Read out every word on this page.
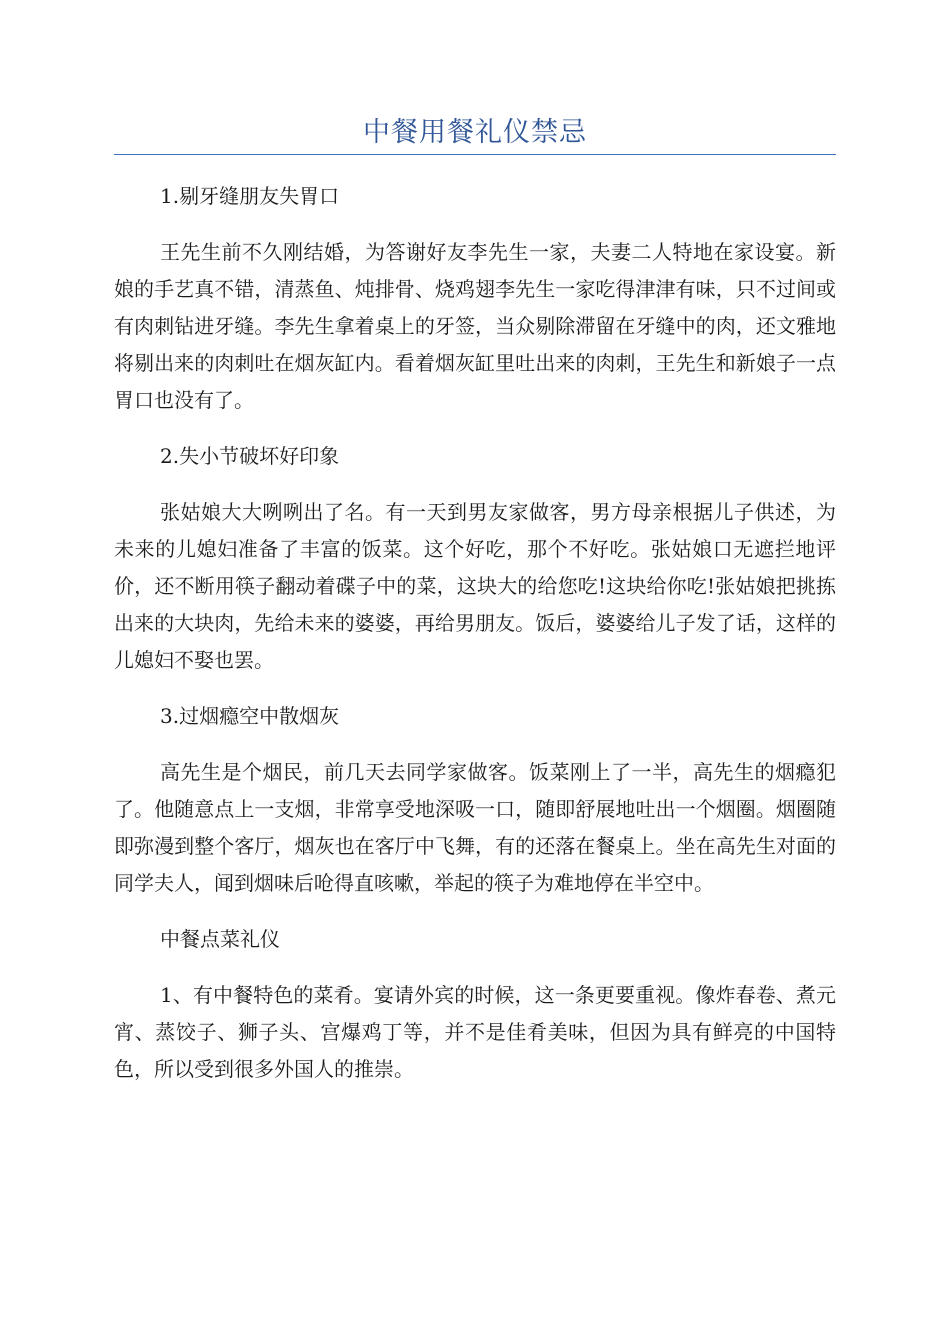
中餐用餐礼仪禁忌

1.剔牙缝朋友失胃口

王先生前不久刚结婚，为答谢好友李先生一家，夫妻二人特地在家设宴。新娘的手艺真不错，清蒸鱼、炖排骨、烧鸡翅李先生一家吃得津津有味，只不过间或有肉刺钻进牙缝。李先生拿着桌上的牙签，当众剔除滞留在牙缝中的肉，还文雅地将剔出来的肉刺吐在烟灰缸内。看着烟灰缸里吐出来的肉刺，王先生和新娘子一点胃口也没有了。

2.失小节破坏好印象

张姑娘大大咧咧出了名。有一天到男友家做客，男方母亲根据儿子供述，为未来的儿媳妇准备了丰富的饭菜。这个好吃，那个不好吃。张姑娘口无遮拦地评价，还不断用筷子翻动着碟子中的菜，这块大的给您吃!这块给你吃!张姑娘把挑拣出来的大块肉，先给未来的婆婆，再给男朋友。饭后，婆婆给儿子发了话，这样的儿媳妇不娶也罢。

3.过烟瘾空中散烟灰

高先生是个烟民，前几天去同学家做客。饭菜刚上了一半，高先生的烟瘾犯了。他随意点上一支烟，非常享受地深吸一口，随即舒展地吐出一个烟圈。烟圈随即弥漫到整个客厅，烟灰也在客厅中飞舞，有的还落在餐桌上。坐在高先生对面的同学夫人，闻到烟味后呛得直咳嗽，举起的筷子为难地停在半空中。

中餐点菜礼仪

1、有中餐特色的菜肴。宴请外宾的时候，这一条更要重视。像炸春卷、煮元宵、蒸饺子、狮子头、宫爆鸡丁等，并不是佳肴美味，但因为具有鲜亮的中国特色，所以受到很多外国人的推崇。
